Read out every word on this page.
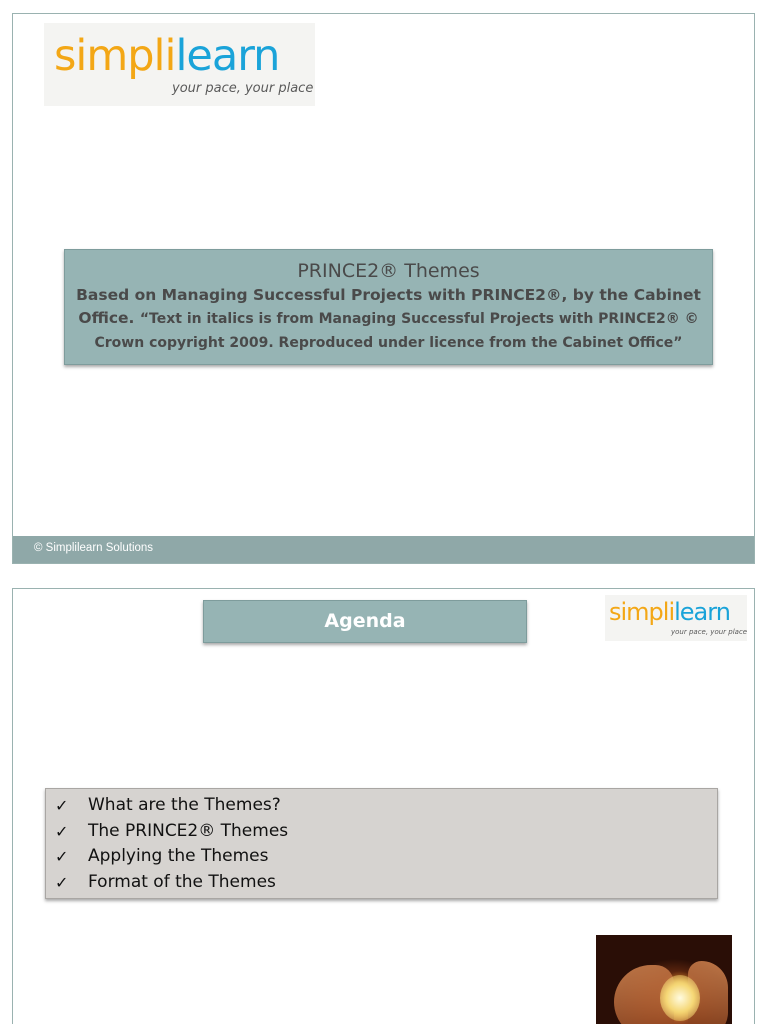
simplilearn
your pace, your place
PRINCE2® Themes
Based on Managing Successful Projects with PRINCE2®, by the Cabinet Office. “Text in italics is from Managing Successful Projects with PRINCE2® © Crown copyright 2009. Reproduced under licence from the Cabinet Office”
© Simplilearn Solutions
Agenda	simplilearn
your pace, your place
✓ What are the Themes?
✓ The PRINCE2® Themes
✓ Applying the Themes
✓ Format of the Themes
